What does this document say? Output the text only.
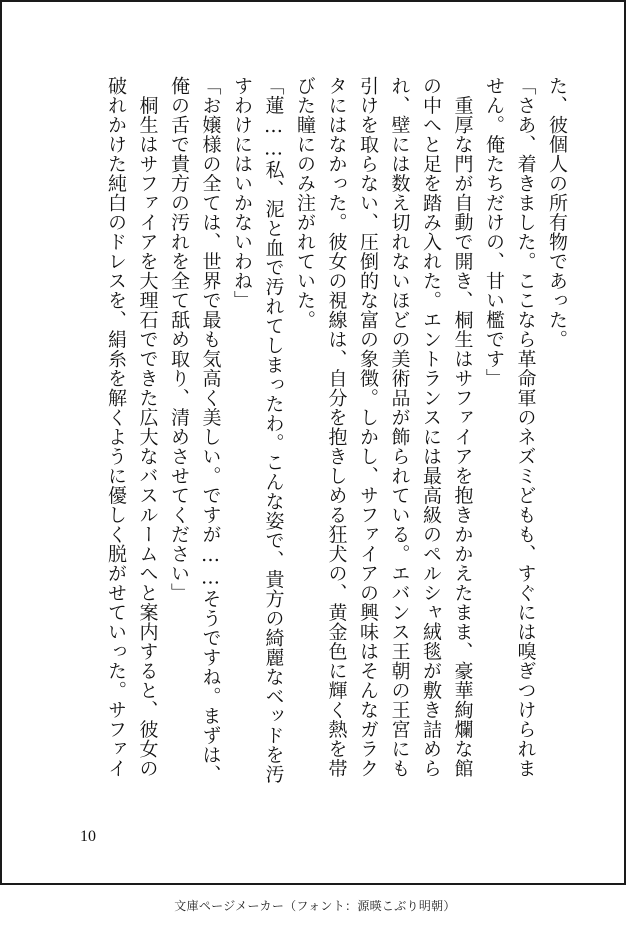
た、彼個人の所有物であった。
「さあ、着きました。ここなら革命軍のネズミどもも、すぐには嗅ぎつけられま
せん。俺たちだけの、甘い檻です」
　重厚な門が自動で開き、桐生はサファイアを抱きかかえたまま、豪華絢爛な館
の中へと足を踏み入れた。エントランスには最高級のペルシャ絨毯が敷き詰めら
れ、壁には数え切れないほどの美術品が飾られている。エバンス王朝の王宮にも
引けを取らない、圧倒的な富の象徴。しかし、サファイアの興味はそんなガラク
タにはなかった。彼女の視線は、自分を抱きしめる狂犬の、黄金色に輝く熱を帯
びた瞳にのみ注がれていた。
「蓮……私、泥と血で汚れてしまったわ。こんな姿で、貴方の綺麗なベッドを汚
すわけにはいかないわね」
「お嬢様の全ては、世界で最も気高く美しい。ですが……そうですね。まずは、
俺の舌で貴方の汚れを全て舐め取り、清めさせてください」
　桐生はサファイアを大理石でできた広大なバスルームへと案内すると、彼女の
破れかけた純白のドレスを、絹糸を解くように優しく脱がせていった。サファイ
10
文庫ページメーカー（フォント：源暎こぶり明朝）
